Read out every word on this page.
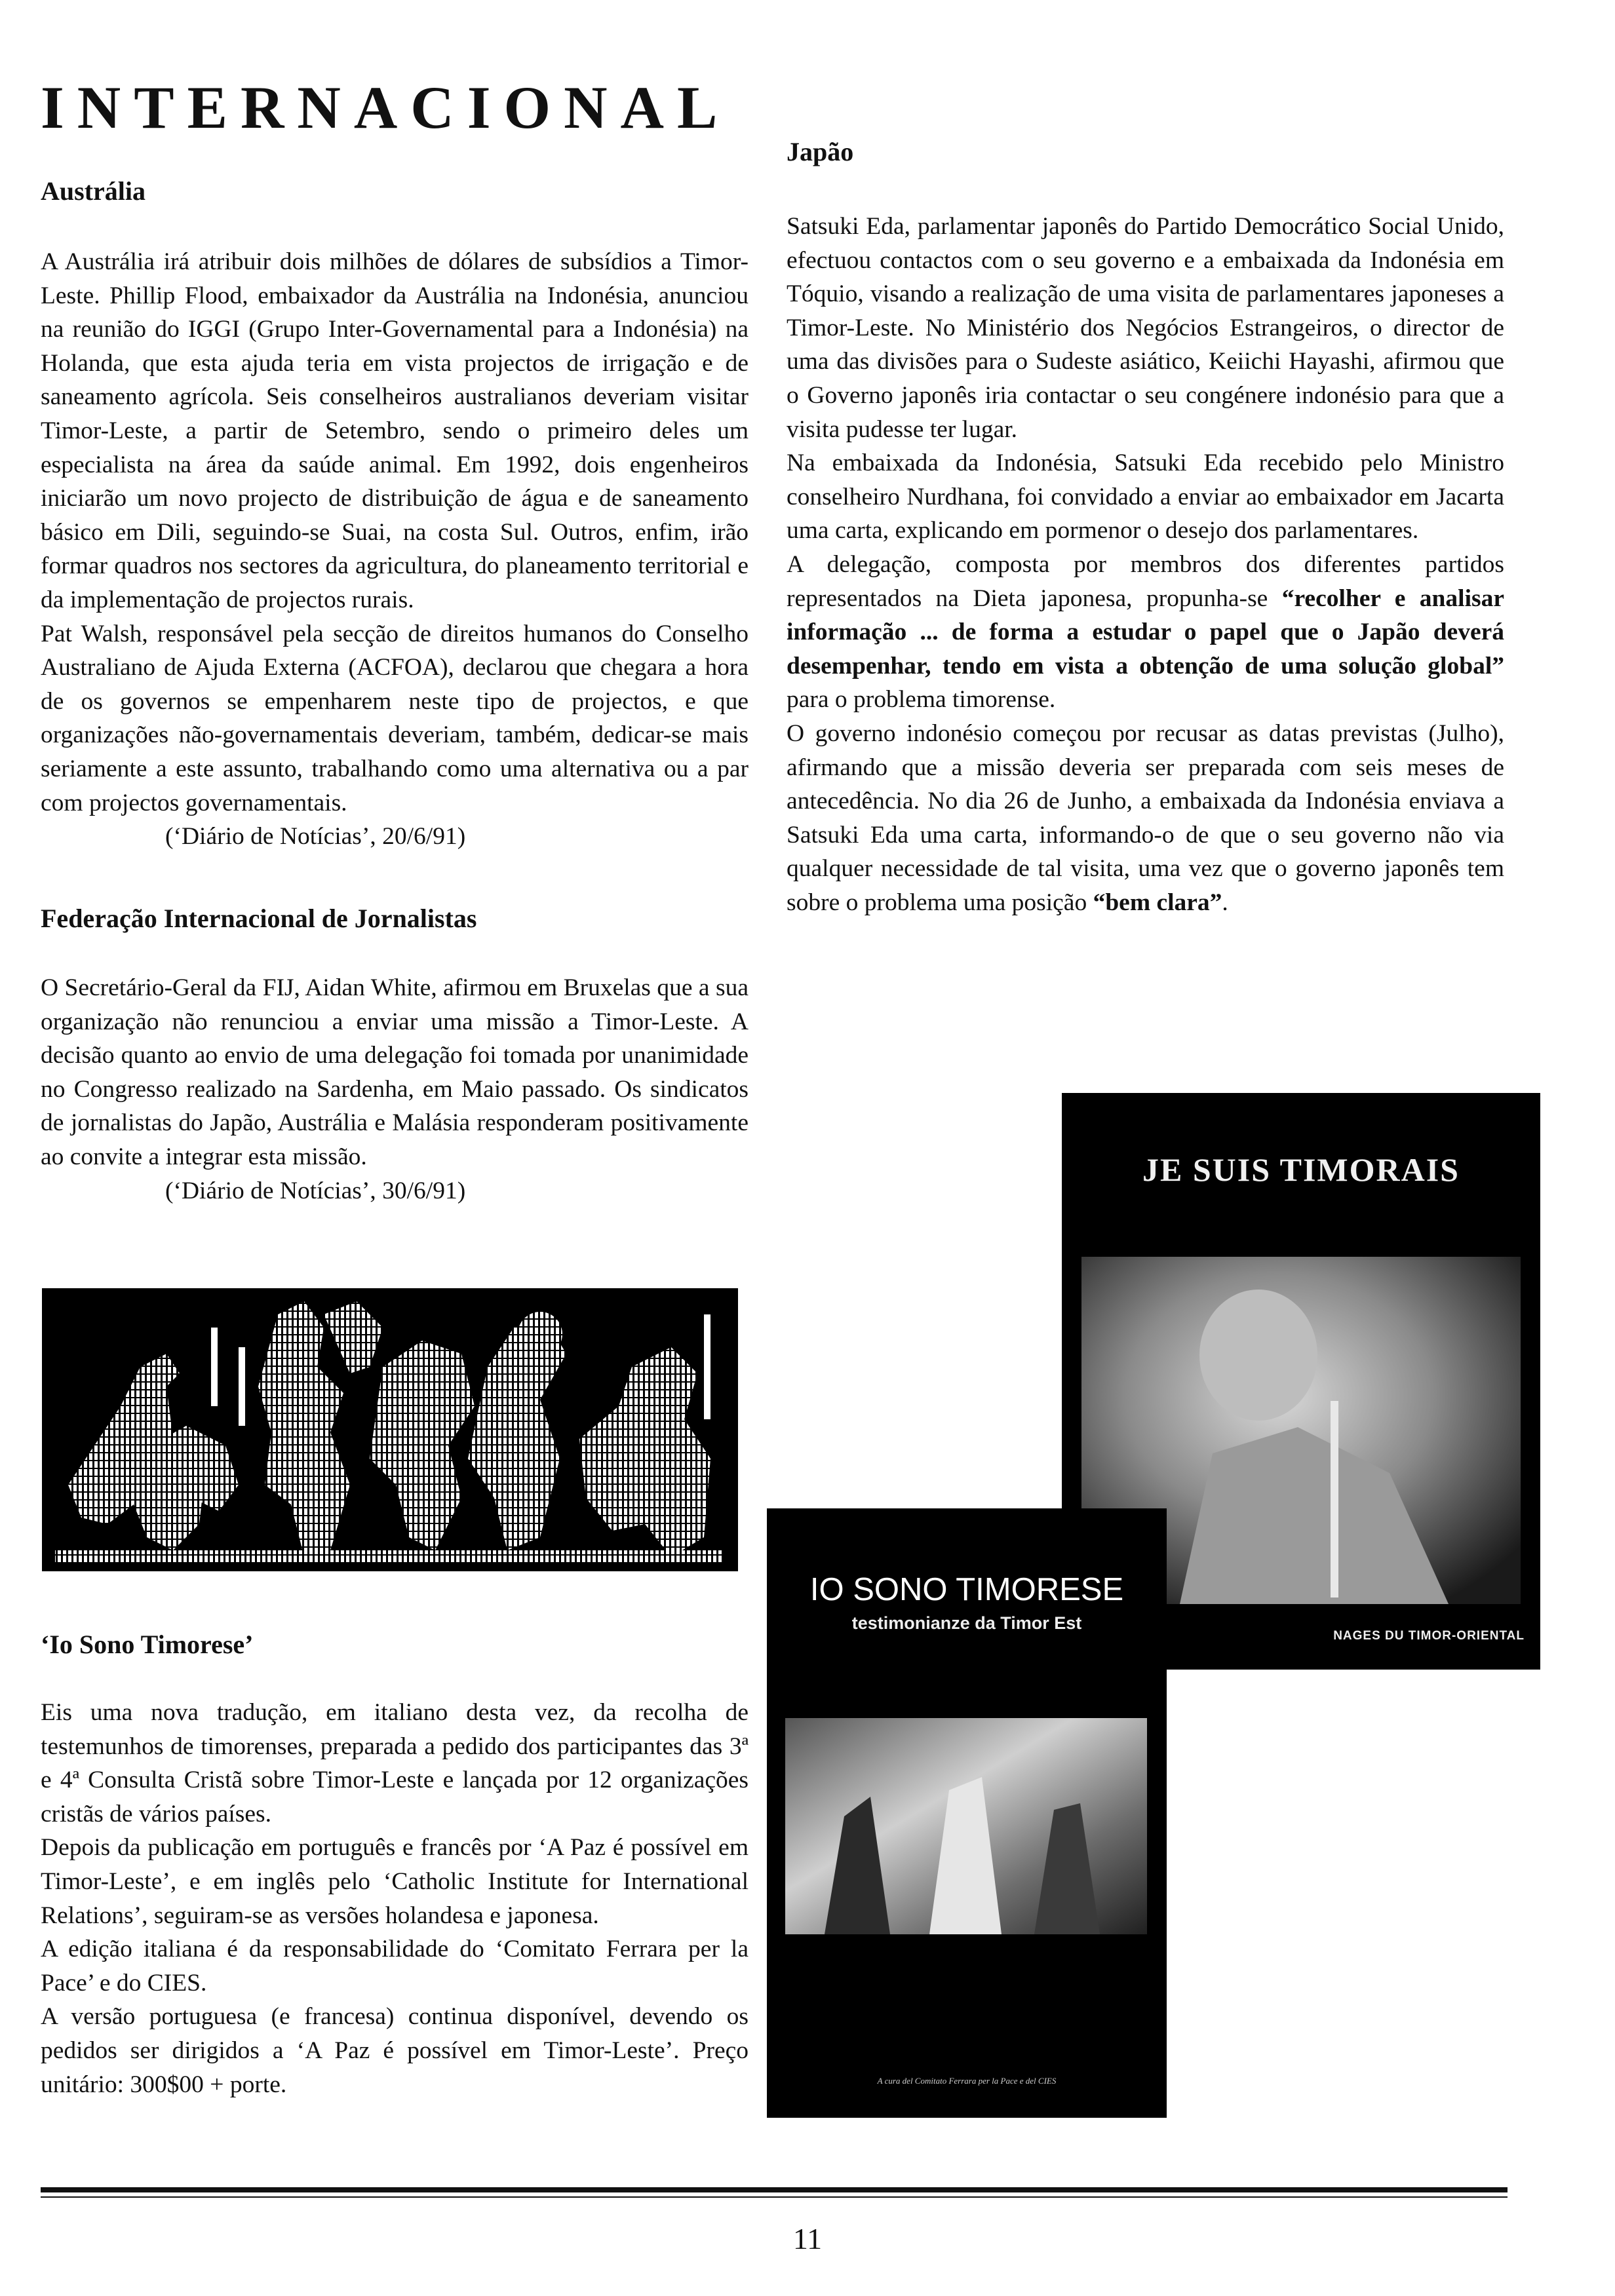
INTERNACIONAL
Austrália

A Austrália irá atribuir dois milhões de dólares de subsídios a Timor-Leste. Phillip Flood, embaixador da Austrália na Indonésia, anunciou na reunião do IGGI (Grupo Inter-Governamental para a Indonésia) na Holanda, que esta ajuda teria em vista projectos de irrigação e de saneamento agrícola. Seis conselheiros australianos deveriam visitar Timor-Leste, a partir de Setembro, sendo o primeiro deles um especialista na área da saúde animal. Em 1992, dois engenheiros iniciarão um novo projecto de distribuição de água e de saneamento básico em Dili, seguindo-se Suai, na costa Sul. Outros, enfim, irão formar quadros nos sectores da agricultura, do planeamento territorial e da implementação de projectos rurais.

Pat Walsh, responsável pela secção de direitos humanos do Conselho Australiano de Ajuda Externa (ACFOA), declarou que chegara a hora de os governos se empenharem neste tipo de projectos, e que organizações não-governamentais deveriam, também, dedicar-se mais seriamente a este assunto, trabalhando como uma alternativa ou a par com projectos governamentais.

(‘Diário de Notícias’, 20/6/91)

Federação Internacional de Jornalistas

O Secretário-Geral da FIJ, Aidan White, afirmou em Bruxelas que a sua organização não renunciou a enviar uma missão a Timor-Leste. A decisão quanto ao envio de uma delegação foi tomada por unanimidade no Congresso realizado na Sardenha, em Maio passado. Os sindicatos de jornalistas do Japão, Austrália e Malásia responderam positivamente ao convite a integrar esta missão.

(‘Diário de Notícias’, 30/6/91)

‘Io Sono Timorese’

Eis uma nova tradução, em italiano desta vez, da recolha de testemunhos de timorenses, preparada a pedido dos participantes das 3ª e 4ª Consulta Cristã sobre Timor-Leste e lançada por 12 organizações cristãs de vários países.

Depois da publicação em português e francês por ‘A Paz é possível em Timor-Leste’, e em inglês pelo ‘Catholic Institute for International Relations’, seguiram-se as versões holandesa e japonesa.

A edição italiana é da responsabilidade do ‘Comitato Ferrara per la Pace’ e do CIES.

A versão portuguesa (e francesa) continua disponível, devendo os pedidos ser dirigidos a ‘A Paz é possível em Timor-Leste’. Preço unitário: 300$00 + porte.

Japão

Satsuki Eda, parlamentar japonês do Partido Democrático Social Unido, efectuou contactos com o seu governo e a embaixada da Indonésia em Tóquio, visando a realização de uma visita de parlamentares japoneses a Timor-Leste. No Ministério dos Negócios Estrangeiros, o director de uma das divisões para o Sudeste asiático, Keiichi Hayashi, afirmou que o Governo japonês iria contactar o seu congénere indonésio para que a visita pudesse ter lugar.

Na embaixada da Indonésia, Satsuki Eda recebido pelo Ministro conselheiro Nurdhana, foi convidado a enviar ao embaixador em Jacarta uma carta, explicando em pormenor o desejo dos parlamentares.

A delegação, composta por membros dos diferentes partidos representados na Dieta japonesa, propunha-se “recolher e analisar informação ... de forma a estudar o papel que o Japão deverá desempenhar, tendo em vista a obtenção de uma solução global” para o problema timorense.

O governo indonésio começou por recusar as datas previstas (Julho), afirmando que a missão deveria ser preparada com seis meses de antecedência. No dia 26 de Junho, a embaixada da Indonésia enviava a Satsuki Eda uma carta, informando-o de que o seu governo não via qualquer necessidade de tal visita, uma vez que o governo japonês tem sobre o problema uma posição “bem clara”.

JE SUIS TIMORAIS
NAGES DU TIMOR-ORIENTAL
IO SONO TIMORESE
testimonianze da Timor Est
A cura del Comitato Ferrara per la Pace e del CIES
11
